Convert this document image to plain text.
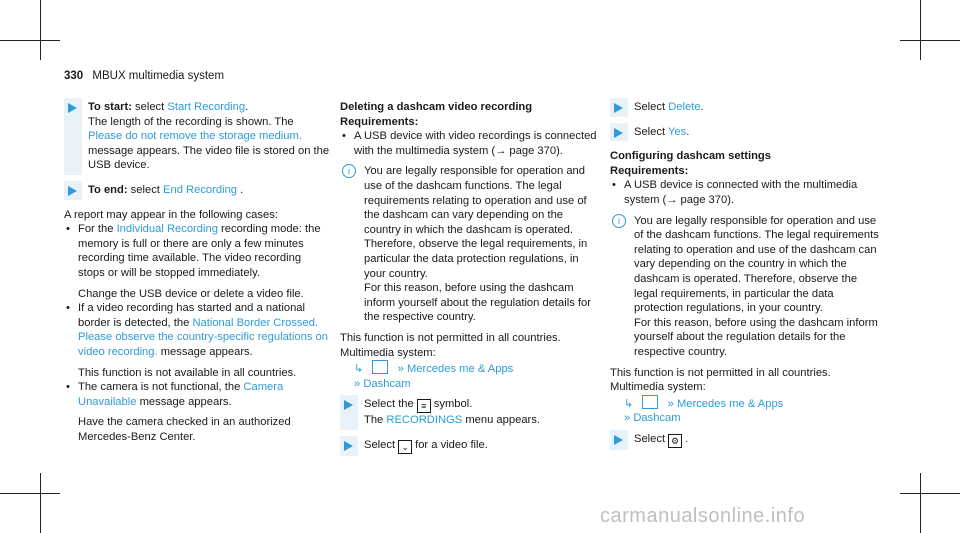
330 MBUX multimedia system

To start: select Start Recording.

The length of the recording is shown. The

Please do not remove the storage medium.

message appears. The video file is stored on the USB device.

To end: select End Recording .

A report may appear in the following cases:

• For the Individual Recording recording mode: the memory is full or there are only a few minutes recording time available. The video recording stops or will be stopped immediately.

Change the USB device or delete a video file.

• If a video recording has started and a national border is detected, the National Border Crossed. Please observe the country-specific regulations on video recording. message appears.

This function is not available in all countries.

• The camera is not functional, the Camera Unavailable message appears.

Have the camera checked in an authorized Mercedes-Benz Center.

Deleting a dashcam video recording

Requirements:

• A USB device with video recordings is connected with the multimedia system (→ page 370).

i	You are legally responsible for operation and use of the dashcam functions. The legal requirements relating to operation and use of the dashcam can vary depending on the country in which the dashcam is operated. Therefore, observe the legal requirements, in particular the data protection regulations, in your country.

For this reason, before using the dashcam inform yourself about the regulation details for the respective country.

This function is not permitted in all countries.

Multimedia system:

↳	» Mercedes me & Apps

» Dashcam

Select the ≡ symbol.

The RECORDINGS menu appears.

Select ⌄ for a video file.

Select Delete.

Select Yes.

Configuring dashcam settings

Requirements:

• A USB device is connected with the multimedia system (→ page 370).

i	You are legally responsible for operation and use of the dashcam functions. The legal requirements relating to operation and use of the dashcam can vary depending on the country in which the dashcam is operated. Therefore, observe the legal requirements, in particular the data protection regulations, in your country.

For this reason, before using the dashcam inform yourself about the regulation details for the respective country.

This function is not permitted in all countries.

Multimedia system:

↳	» Mercedes me & Apps

» Dashcam

Select ⚙ .

carmanualsonline.info
